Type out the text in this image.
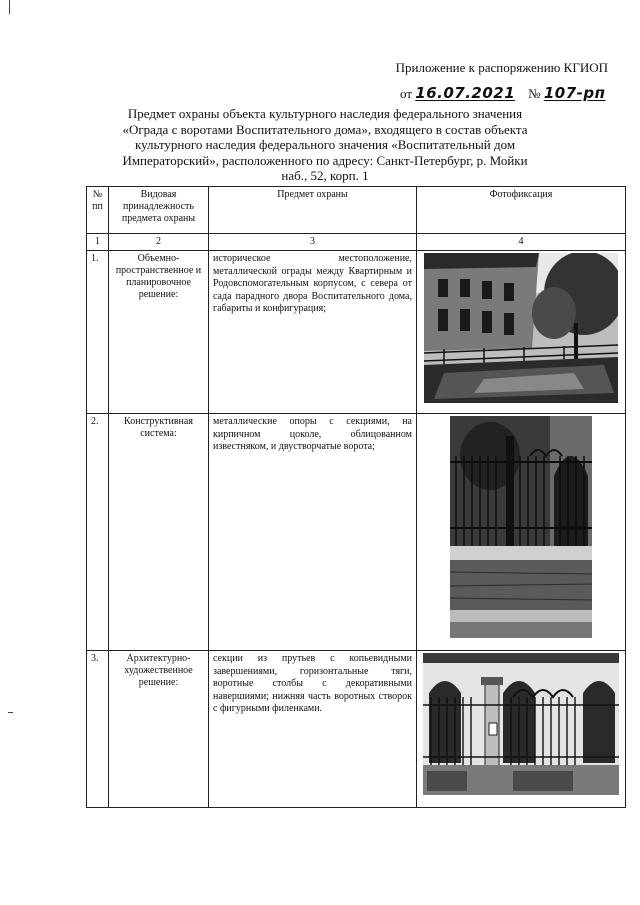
Приложение к распоряжению КГИОП
от 16.07.2021 № 107-рп
Предмет охраны объекта культурного наследия федерального значения «Ограда с воротами Воспитательного дома», входящего в состав объекта культурного наследия федерального значения «Воспитательный дом Императорский», расположенного по адресу: Санкт-Петербург, р. Мойки наб., 52, корп. 1
№ пп	Видовая принадлежность предмета охраны	Предмет охраны	Фотофиксация
1	2	3	4
1.	Объемно-пространственное и планировочное решение:	историческое местоположение, металлической ограды между Квартирным и Родовспомогательным корпусом, с севера от сада парадного двора Воспитательного дома, габариты и конфигурация;	

2.	Конструктивная система:	металлические опоры с секциями, на кирпичном цоколе, облицованном известняком, и двустворчатые ворота;	

3.	Архитектурно-художественное решение:	секции из прутьев с копьевидными завершениями, горизонтальные тяги, воротные столбы с декоративными навершиями; нижняя часть воротных створок с фигурными филенками.	
